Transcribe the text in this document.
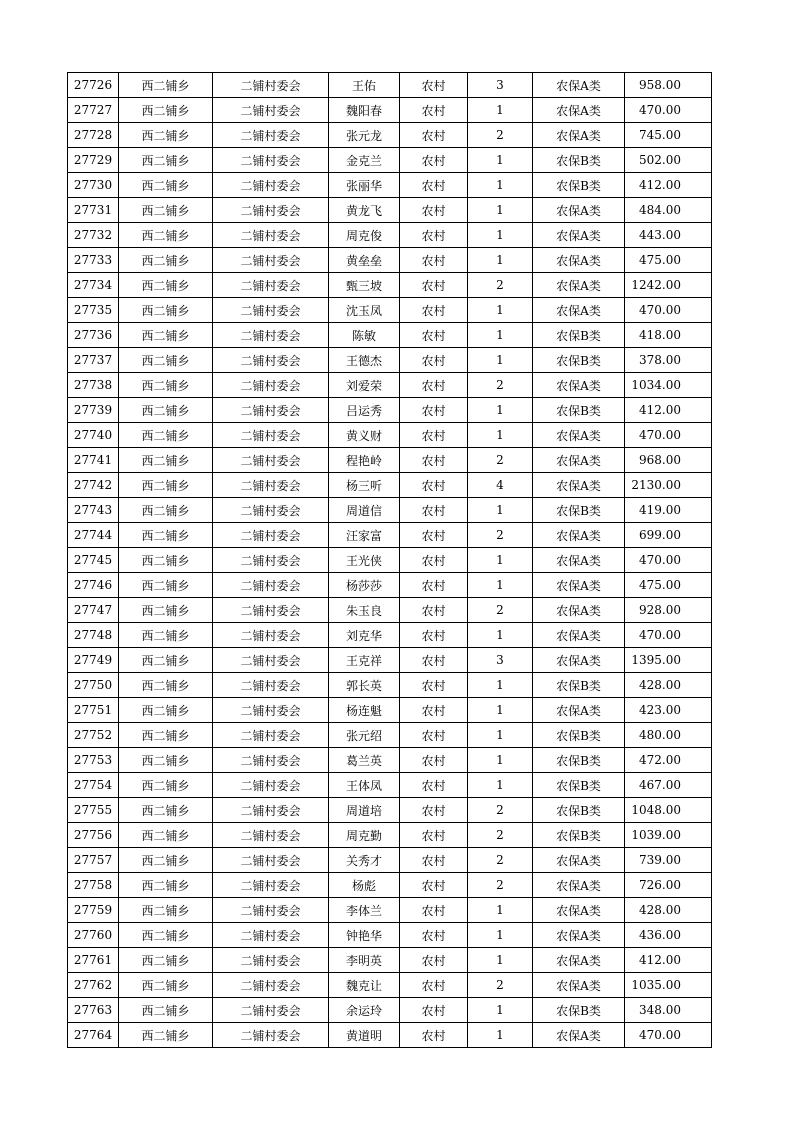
27726	西二铺乡	二铺村委会	王佑	农村	3	农保A类	958.00
27727	西二铺乡	二铺村委会	魏阳春	农村	1	农保A类	470.00
27728	西二铺乡	二铺村委会	张元龙	农村	2	农保A类	745.00
27729	西二铺乡	二铺村委会	金克兰	农村	1	农保B类	502.00
27730	西二铺乡	二铺村委会	张丽华	农村	1	农保B类	412.00
27731	西二铺乡	二铺村委会	黄龙飞	农村	1	农保A类	484.00
27732	西二铺乡	二铺村委会	周克俊	农村	1	农保A类	443.00
27733	西二铺乡	二铺村委会	黄垒垒	农村	1	农保A类	475.00
27734	西二铺乡	二铺村委会	甄三坡	农村	2	农保A类	1242.00
27735	西二铺乡	二铺村委会	沈玉凤	农村	1	农保A类	470.00
27736	西二铺乡	二铺村委会	陈敏	农村	1	农保B类	418.00
27737	西二铺乡	二铺村委会	王德杰	农村	1	农保B类	378.00
27738	西二铺乡	二铺村委会	刘爱荣	农村	2	农保A类	1034.00
27739	西二铺乡	二铺村委会	吕运秀	农村	1	农保B类	412.00
27740	西二铺乡	二铺村委会	黄义财	农村	1	农保A类	470.00
27741	西二铺乡	二铺村委会	程艳岭	农村	2	农保A类	968.00
27742	西二铺乡	二铺村委会	杨三听	农村	4	农保A类	2130.00
27743	西二铺乡	二铺村委会	周道信	农村	1	农保B类	419.00
27744	西二铺乡	二铺村委会	汪家富	农村	2	农保A类	699.00
27745	西二铺乡	二铺村委会	王光侠	农村	1	农保A类	470.00
27746	西二铺乡	二铺村委会	杨莎莎	农村	1	农保A类	475.00
27747	西二铺乡	二铺村委会	朱玉良	农村	2	农保A类	928.00
27748	西二铺乡	二铺村委会	刘克华	农村	1	农保A类	470.00
27749	西二铺乡	二铺村委会	王克祥	农村	3	农保A类	1395.00
27750	西二铺乡	二铺村委会	郭长英	农村	1	农保B类	428.00
27751	西二铺乡	二铺村委会	杨连魁	农村	1	农保A类	423.00
27752	西二铺乡	二铺村委会	张元绍	农村	1	农保B类	480.00
27753	西二铺乡	二铺村委会	葛兰英	农村	1	农保B类	472.00
27754	西二铺乡	二铺村委会	王体凤	农村	1	农保B类	467.00
27755	西二铺乡	二铺村委会	周道培	农村	2	农保B类	1048.00
27756	西二铺乡	二铺村委会	周克勤	农村	2	农保B类	1039.00
27757	西二铺乡	二铺村委会	关秀才	农村	2	农保A类	739.00
27758	西二铺乡	二铺村委会	杨彪	农村	2	农保A类	726.00
27759	西二铺乡	二铺村委会	李体兰	农村	1	农保A类	428.00
27760	西二铺乡	二铺村委会	钟艳华	农村	1	农保A类	436.00
27761	西二铺乡	二铺村委会	李明英	农村	1	农保A类	412.00
27762	西二铺乡	二铺村委会	魏克让	农村	2	农保A类	1035.00
27763	西二铺乡	二铺村委会	余运玲	农村	1	农保B类	348.00
27764	西二铺乡	二铺村委会	黄道明	农村	1	农保A类	470.00
